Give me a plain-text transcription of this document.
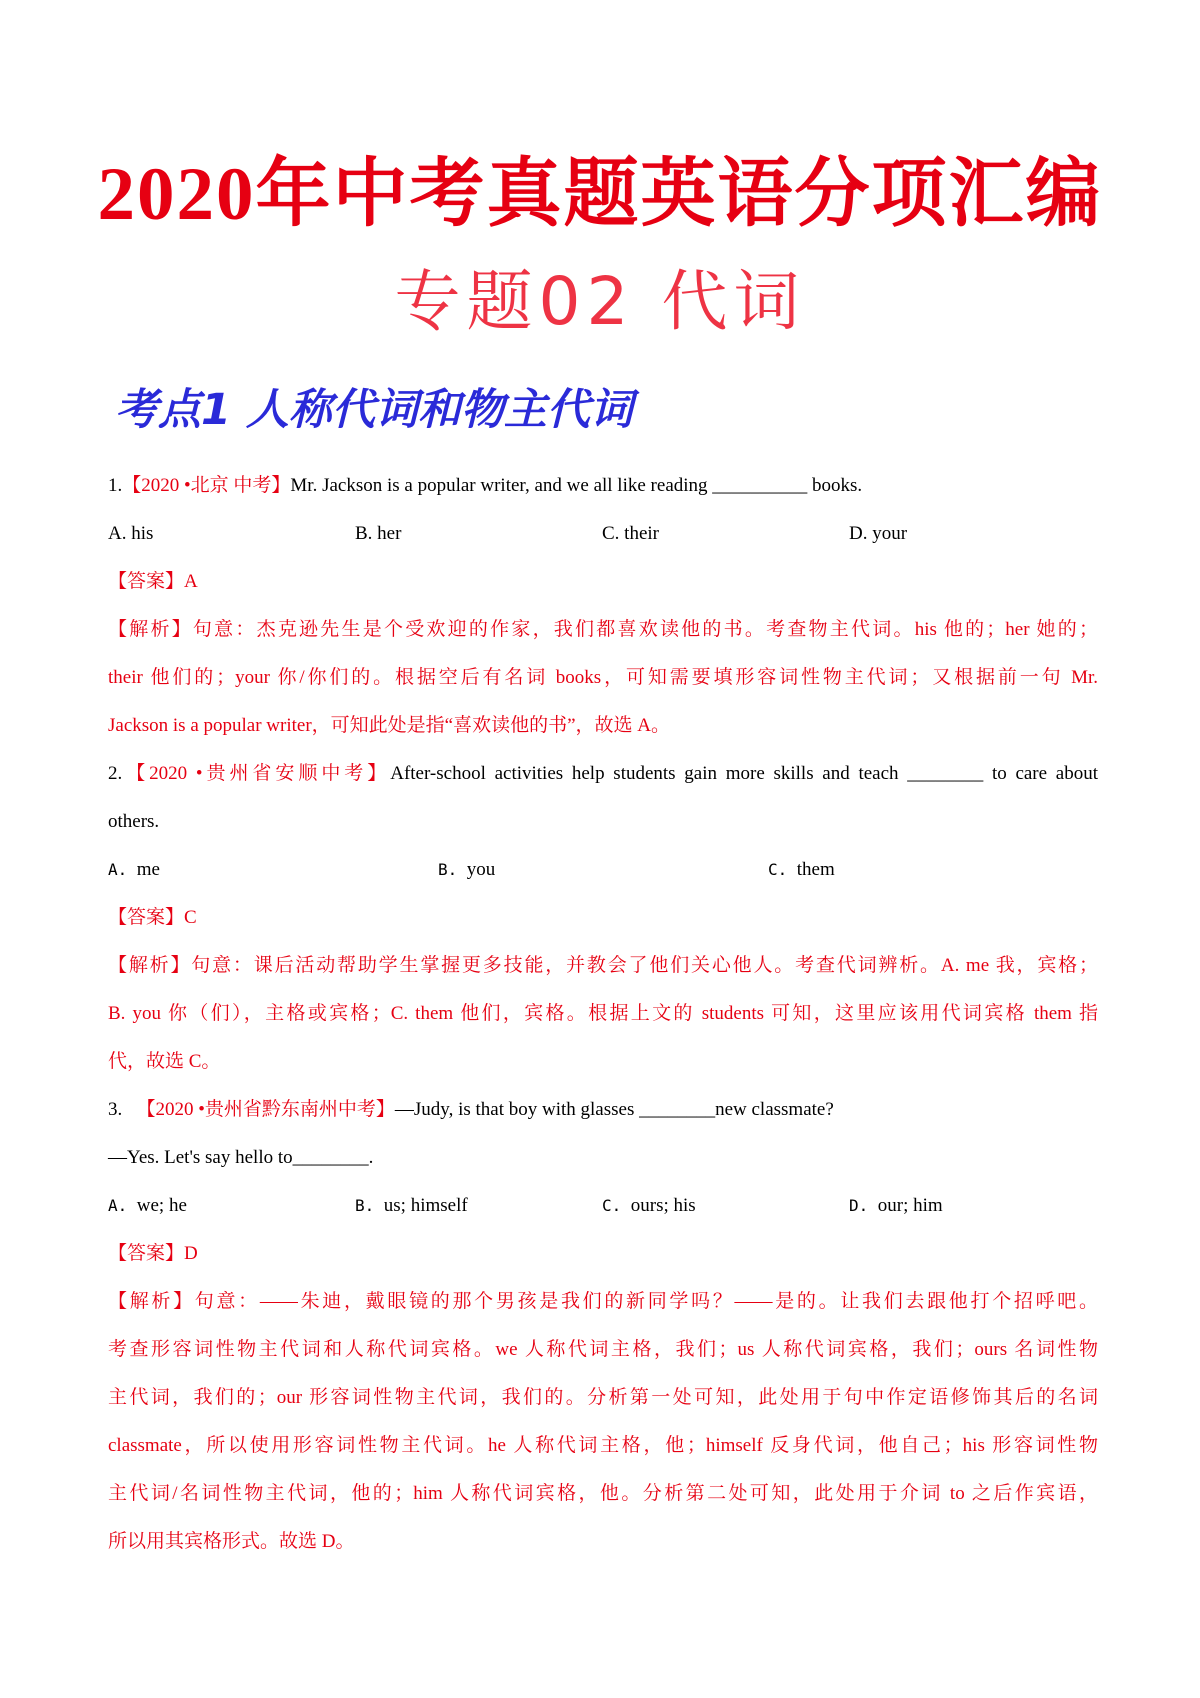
2020年中考真题英语分项汇编
专题02 代词
考点1 人称代词和物主代词
1.【2020 •北京 中考】Mr. Jackson is a popular writer, and we all like reading __________ books.
A. his	B. her	C. their	D. your
【答案】A
【解析】句意：杰克逊先生是个受欢迎的作家，我们都喜欢读他的书。考查物主代词。his 他的；her 她的；
their 他们的；your 你/你们的。根据空后有名词 books，可知需要填形容词性物主代词；又根据前一句 Mr.
Jackson is a popular writer，可知此处是指“喜欢读他的书”，故选 A。
2.【2020 •贵州省安顺中考】After-school activities help students gain more skills and teach ________ to care about
others.
A. me	B. you	C. them
【答案】C
【解析】句意：课后活动帮助学生掌握更多技能，并教会了他们关心他人。考查代词辨析。A. me 我，宾格；
B. you 你（们），主格或宾格；C. them 他们，宾格。根据上文的 students 可知，这里应该用代词宾格 them 指
代，故选 C。
3. 【2020 •贵州省黔东南州中考】—Judy, is that boy with glasses ________new classmate?
—Yes. Let's say hello to________.
A. we; he	B. us; himself	C. ours; his	D. our; him
【答案】D
【解析】句意：——朱迪，戴眼镜的那个男孩是我们的新同学吗？——是的。让我们去跟他打个招呼吧。
考查形容词性物主代词和人称代词宾格。we 人称代词主格，我们；us 人称代词宾格，我们；ours 名词性物
主代词，我们的；our 形容词性物主代词，我们的。分析第一处可知，此处用于句中作定语修饰其后的名词
classmate，所以使用形容词性物主代词。he 人称代词主格，他；himself 反身代词，他自己；his 形容词性物
主代词/名词性物主代词，他的；him 人称代词宾格，他。分析第二处可知，此处用于介词 to 之后作宾语，
所以用其宾格形式。故选 D。
